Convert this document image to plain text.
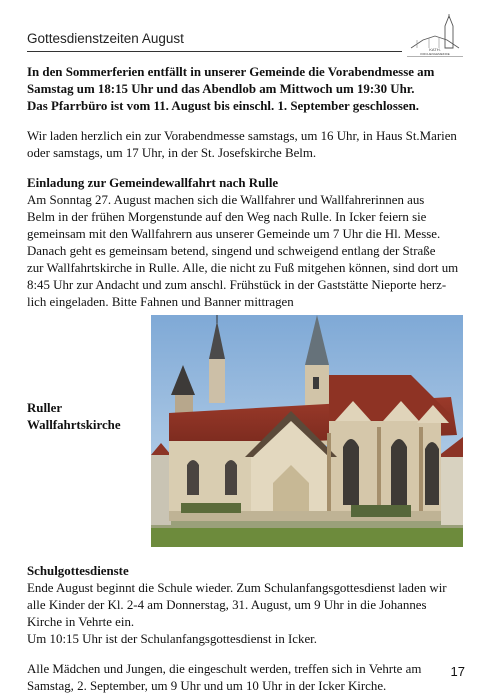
Gottesdienstzeiten August
KATH.
KIRCHENGEMEINDE

In den Sommerferien entfällt in unserer Gemeinde die Vorabendmesse am

Samstag um 18:15 Uhr und das Abendlob am Mittwoch um 19:30 Uhr.

Das Pfarrbüro ist vom 11. August bis einschl. 1. September geschlossen.

Wir laden herzlich ein zur Vorabendmesse samstags, um 16 Uhr, in Haus St.Marien

oder samstags, um 17 Uhr, in der St. Josefskirche Belm.

Einladung zur Gemeindewallfahrt nach Rulle

Am Sonntag 27. August machen sich die Wallfahrer und Wallfahrerinnen aus

Belm in der frühen Morgenstunde auf den Weg nach Rulle. In Icker feiern sie

gemeinsam mit den Wallfahrern aus unserer Gemeinde um 7 Uhr die Hl. Messe.

Danach geht es gemeinsam betend, singend und schweigend entlang der Straße

zur Wallfahrtskirche in Rulle. Alle, die nicht zu Fuß mitgehen können, sind dort um

8:45 Uhr zur Andacht und zum anschl. Frühstück in der Gaststätte Nieporte herz-

lich eingeladen. Bitte Fahnen und Banner mittragen

Ruller
Wallfahrtskirche

Schulgottesdienste

Ende August beginnt die Schule wieder. Zum Schulanfangsgottesdienst laden wir

alle Kinder der Kl. 2-4 am Donnerstag, 31. August, um 9 Uhr in die Johannes

Kirche in Vehrte ein.

Um 10:15 Uhr ist der Schulanfangsgottesdienst in Icker.

Alle Mädchen und Jungen, die eingeschult werden, treffen sich in Vehrte am

Samstag, 2. September, um 9 Uhr und um 10 Uhr in der Icker Kirche.

17
